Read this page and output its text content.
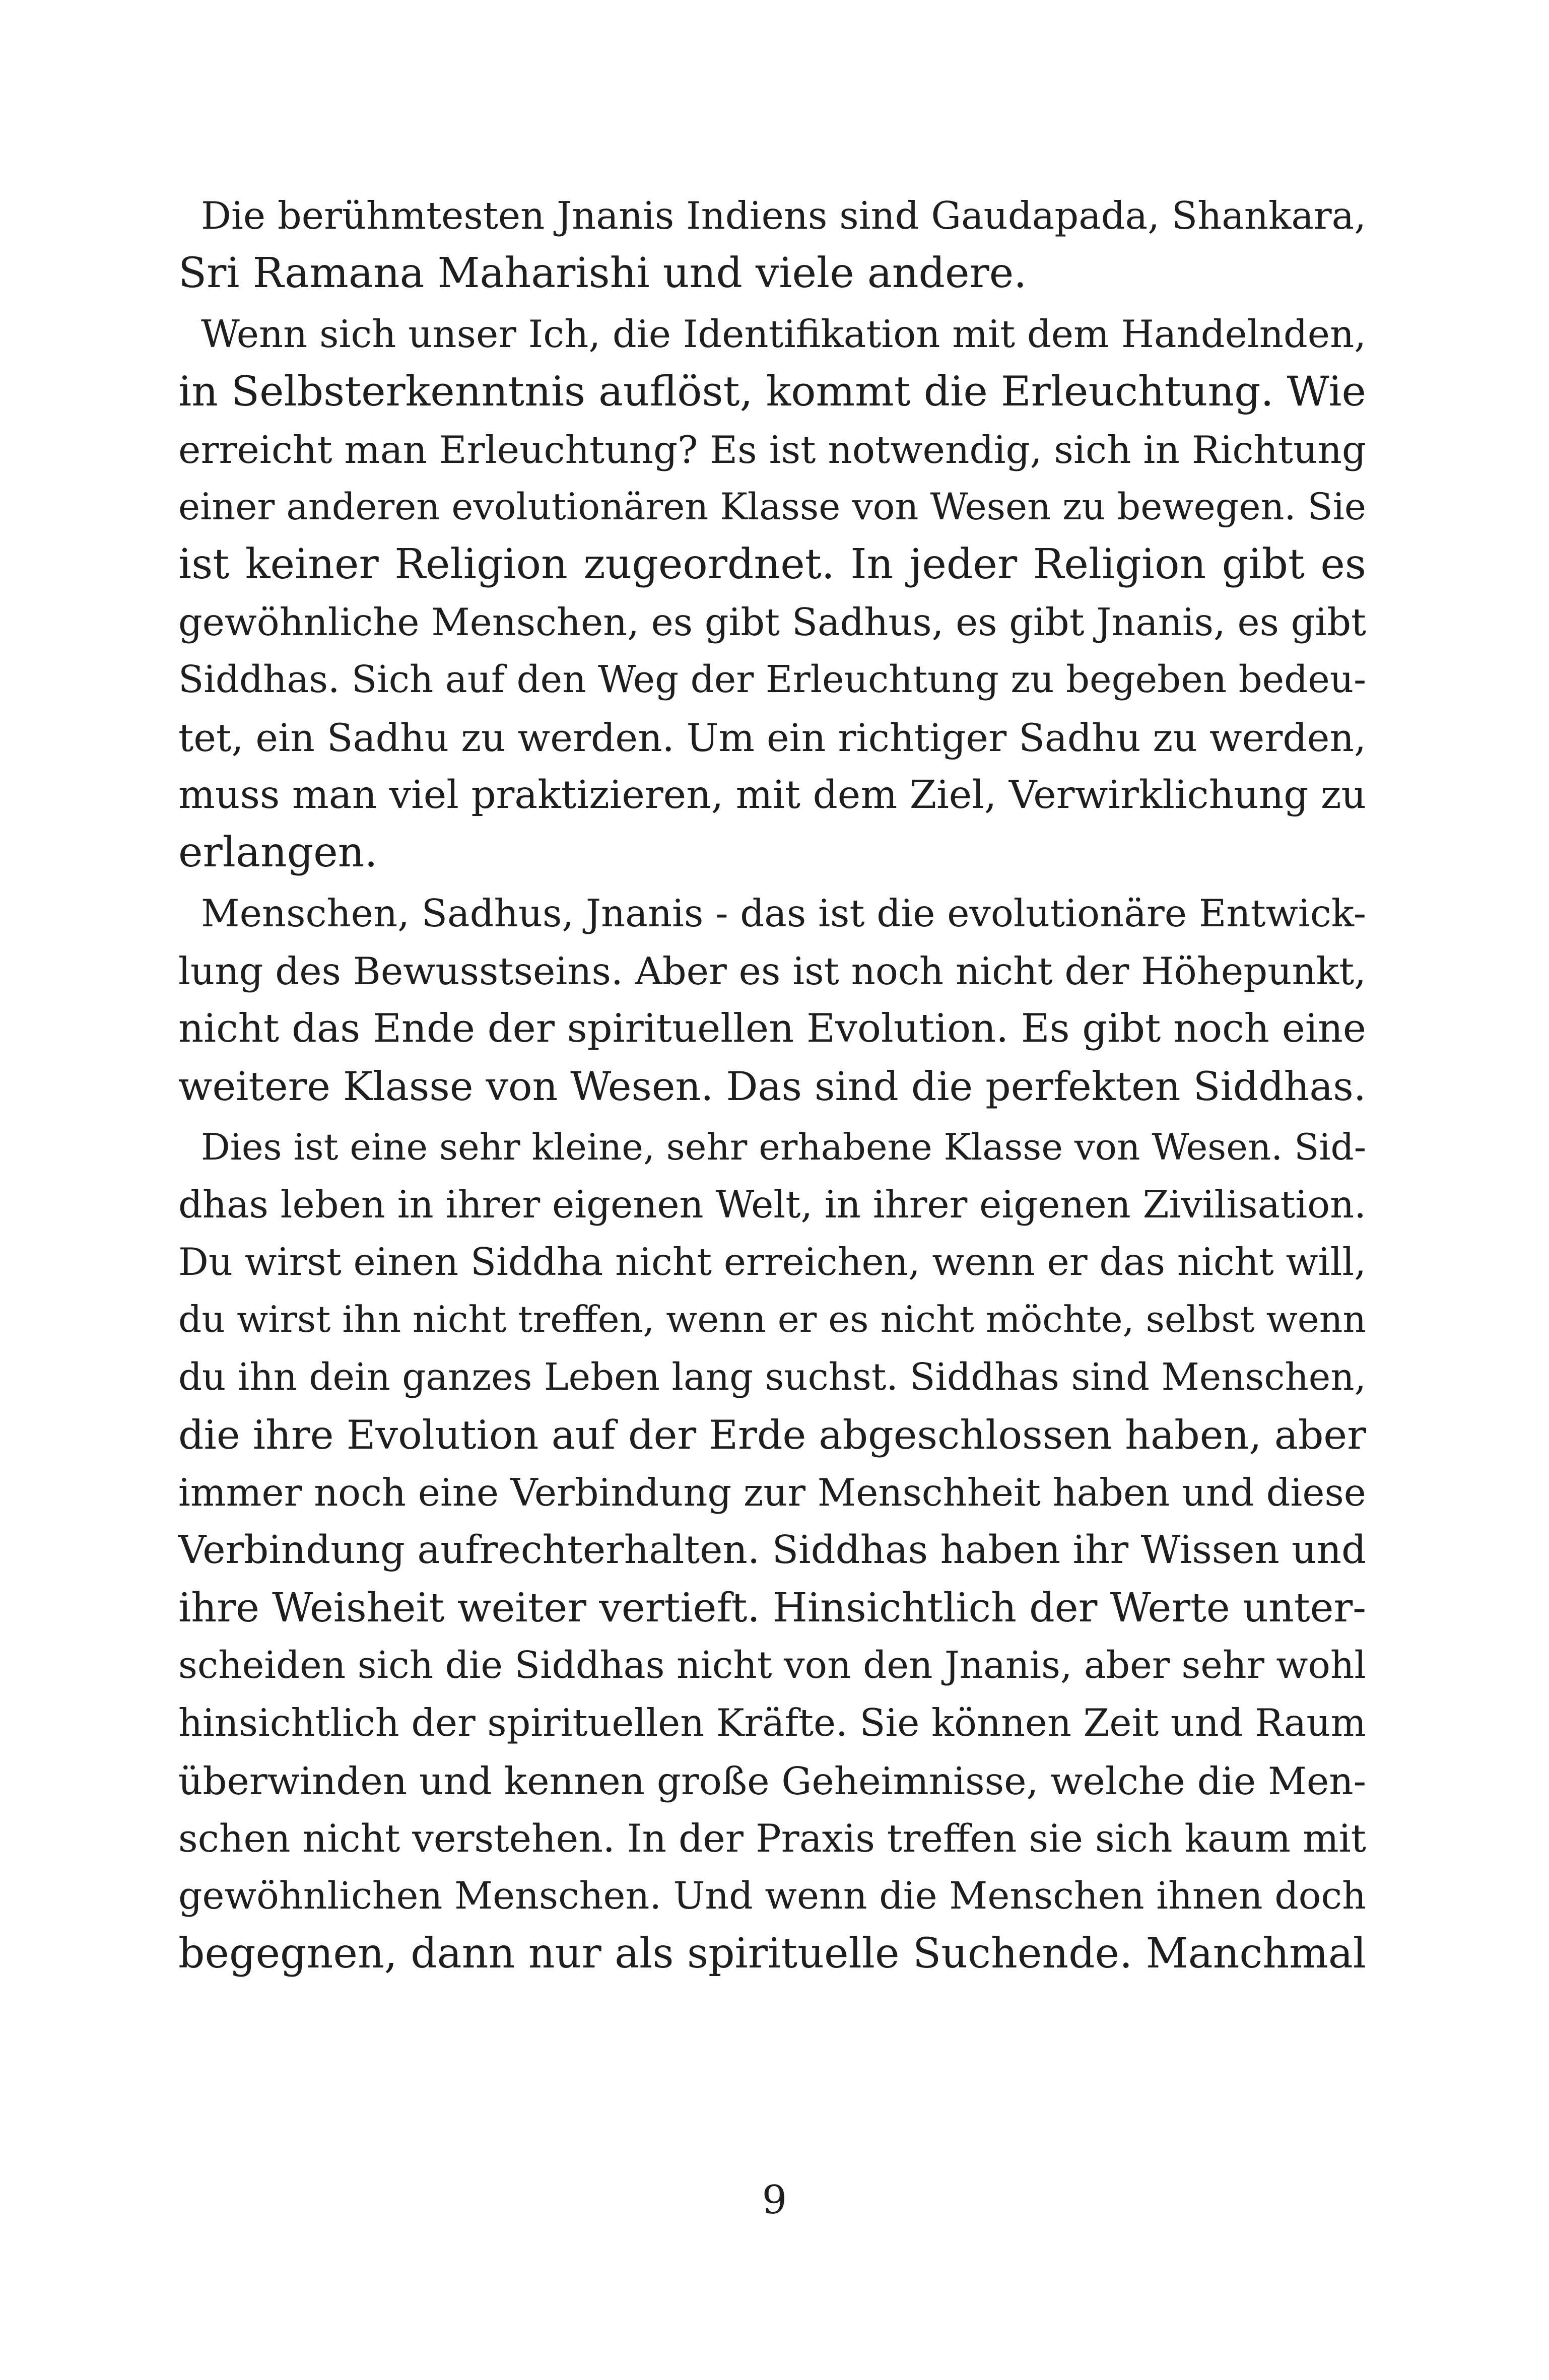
Die berühmtesten Jnanis Indiens sind Gaudapada, Shankara,
Sri Ramana Maharishi und viele andere.
Wenn sich unser Ich, die Identifikation mit dem Handelnden,
in Selbsterkenntnis auflöst, kommt die Erleuchtung. Wie
erreicht man Erleuchtung? Es ist notwendig, sich in Richtung
einer anderen evolutionären Klasse von Wesen zu bewegen. Sie
ist keiner Religion zugeordnet. In jeder Religion gibt es
gewöhnliche Menschen, es gibt Sadhus, es gibt Jnanis, es gibt
Siddhas. Sich auf den Weg der Erleuchtung zu begeben bedeu-
tet, ein Sadhu zu werden. Um ein richtiger Sadhu zu werden,
muss man viel praktizieren, mit dem Ziel, Verwirklichung zu
erlangen.
Menschen, Sadhus, Jnanis - das ist die evolutionäre Entwick-
lung des Bewusstseins. Aber es ist noch nicht der Höhepunkt,
nicht das Ende der spirituellen Evolution. Es gibt noch eine
weitere Klasse von Wesen. Das sind die perfekten Siddhas.
Dies ist eine sehr kleine, sehr erhabene Klasse von Wesen. Sid-
dhas leben in ihrer eigenen Welt, in ihrer eigenen Zivilisation.
Du wirst einen Siddha nicht erreichen, wenn er das nicht will,
du wirst ihn nicht treffen, wenn er es nicht möchte, selbst wenn
du ihn dein ganzes Leben lang suchst. Siddhas sind Menschen,
die ihre Evolution auf der Erde abgeschlossen haben, aber
immer noch eine Verbindung zur Menschheit haben und diese
Verbindung aufrechterhalten. Siddhas haben ihr Wissen und
ihre Weisheit weiter vertieft. Hinsichtlich der Werte unter-
scheiden sich die Siddhas nicht von den Jnanis, aber sehr wohl
hinsichtlich der spirituellen Kräfte. Sie können Zeit und Raum
überwinden und kennen große Geheimnisse, welche die Men-
schen nicht verstehen. In der Praxis treffen sie sich kaum mit
gewöhnlichen Menschen. Und wenn die Menschen ihnen doch
begegnen, dann nur als spirituelle Suchende. Manchmal
9
